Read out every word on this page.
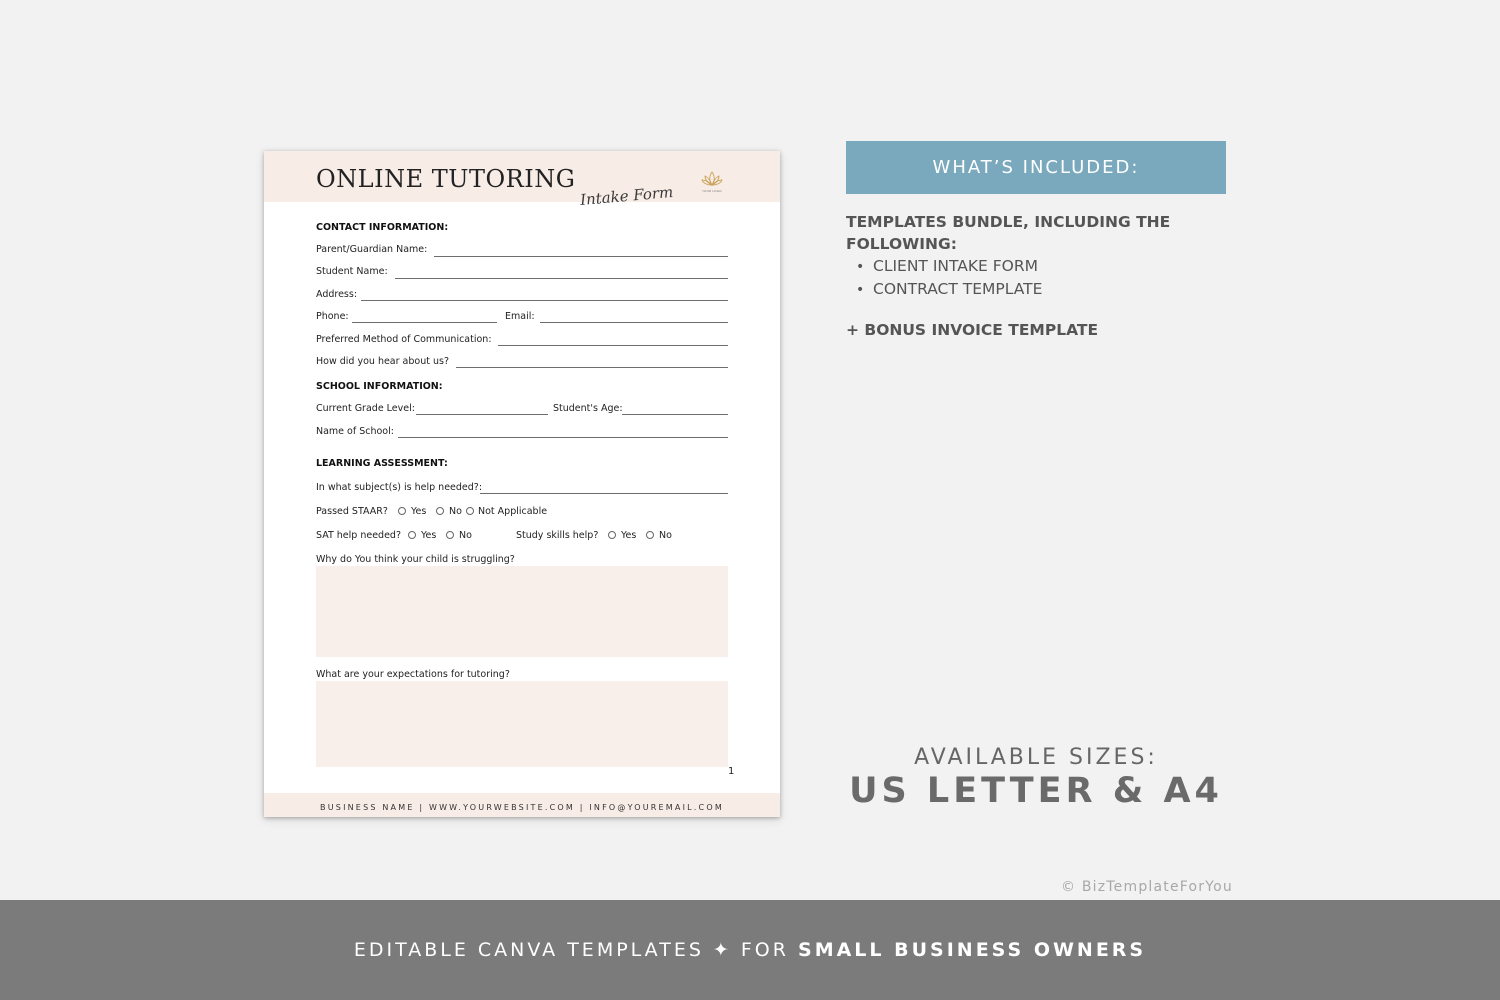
ONLINE TUTORING
Intake Form	YOUR LOGO
CONTACT INFORMATION:
Parent/Guardian Name:
Student Name:
Address:
Phone:	Email:
Preferred Method of Communication:
How did you hear about us?
SCHOOL INFORMATION:
Current Grade Level:	Student's Age:
Name of School:
LEARNING ASSESSMENT:
In what subject(s) is help needed?:
Passed STAAR? Yes No Not Applicable
SAT help needed? Yes No	Study skills help? Yes No
Why do You think your child is struggling?
What are your expectations for tutoring?
1
BUSINESS NAME | WWW.YOURWEBSITE.COM | INFO@YOUREMAIL.COM
WHAT’S INCLUDED:
TEMPLATES BUNDLE, INCLUDING THE FOLLOWING:
• CLIENT INTAKE FORM
• CONTRACT TEMPLATE
+ BONUS INVOICE TEMPLATE
AVAILABLE SIZES:
US LETTER & A4
© BizTemplateForYou
EDITABLE CANVA TEMPLATES ✦ FOR SMALL BUSINESS OWNERS
